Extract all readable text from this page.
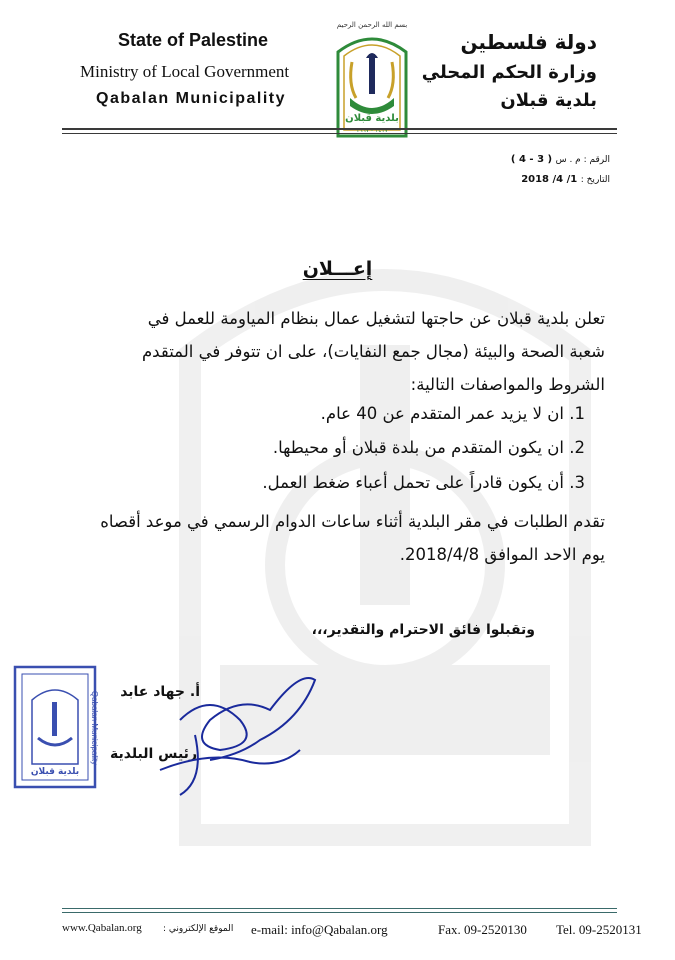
State of Palestine
Ministry of Local Government
Qabalan Municipality
دولة فلسطين
وزارة الحكم المحلي
بلدية قبلان
بسم الله الرحمن الرحيم
بلدية قبلان
١٤١٧ - ١٩٩٧
الرقم : م . س ( 3 - 4 )
التاريخ : 1/ 4/ 2018
إعـــلان
تعلن بلدية قبلان عن حاجتها لتشغيل عمال بنظام المياومة للعمل في
شعبة الصحة والبيئة (مجال جمع النفايات)، على ان تتوفر في المتقدم
الشروط والمواصفات التالية:
1. ان لا يزيد عمر المتقدم عن 40 عام.
2. ان يكون المتقدم من بلدة قبلان أو محيطها.
3. أن يكون قادراً على تحمل أعباء ضغط العمل.
تقدم الطلبات في مقر البلدية أثناء ساعات الدوام الرسمي في موعد أقصاه
يوم الاحد الموافق 2018/4/8.
وتقبلوا فائق الاحترام والتقدير،،،
أ. جهاد عابد
رئيس البلدية
Qabalan Municipality
بلدية قبلان
www.Qabalan.org الموقع الإلكتروني : e-mail: info@Qabalan.org	Fax. 09-2520130 Tel. 09-2520131
